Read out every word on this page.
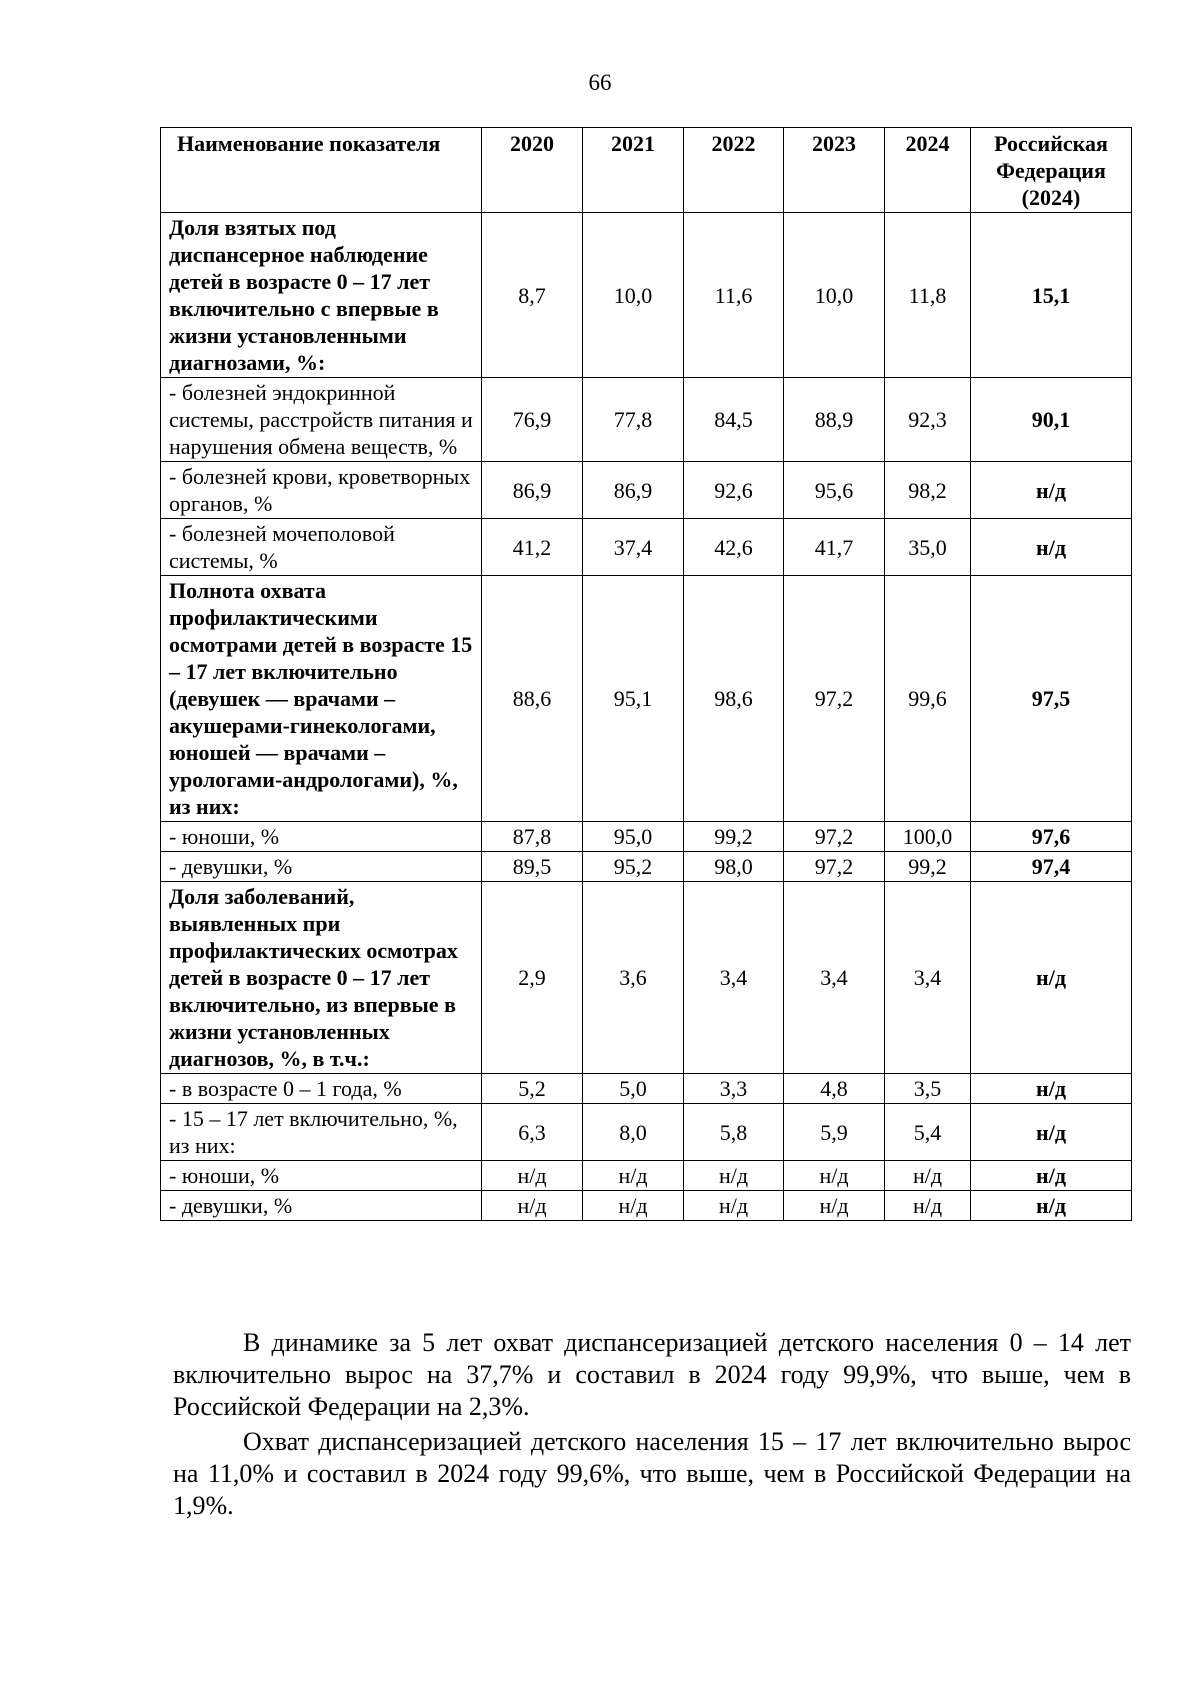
66
Наименование показателя	2020	2021	2022	2023	2024	Российская Федерация (2024)
Доля взятых под диспансерное наблюдение детей в возрасте 0 – 17 лет включительно с впервые в жизни установленными диагнозами, %:	8,7	10,0	11,6	10,0	11,8	15,1
- болезней эндокринной системы, расстройств питания и нарушения обмена веществ, %	76,9	77,8	84,5	88,9	92,3	90,1
- болезней крови, кроветворных органов, %	86,9	86,9	92,6	95,6	98,2	н/д
- болезней мочеполовой системы, %	41,2	37,4	42,6	41,7	35,0	н/д
Полнота охвата профилактическими осмотрами детей в возрасте 15 – 17 лет включительно (девушек — врачами – акушерами-гинекологами, юношей — врачами – урологами-андрологами), %, из них:	88,6	95,1	98,6	97,2	99,6	97,5
- юноши, %	87,8	95,0	99,2	97,2	100,0	97,6
- девушки, %	89,5	95,2	98,0	97,2	99,2	97,4
Доля заболеваний, выявленных при профилактических осмотрах детей в возрасте 0 – 17 лет включительно, из впервые в жизни установленных диагнозов, %, в т.ч.:	2,9	3,6	3,4	3,4	3,4	н/д
- в возрасте 0 – 1 года, %	5,2	5,0	3,3	4,8	3,5	н/д
- 15 – 17 лет включительно, %, из них:	6,3	8,0	5,8	5,9	5,4	н/д
- юноши, %	н/д	н/д	н/д	н/д	н/д	н/д
- девушки, %	н/д	н/д	н/д	н/д	н/д	н/д

В динамике за 5 лет охват диспансеризацией детского населения 0 – 14 лет включительно вырос на 37,7% и составил в 2024 году 99,9%, что выше, чем в Российской Федерации на 2,3%.

Охват диспансеризацией детского населения 15 – 17 лет включительно вырос на 11,0% и составил в 2024 году 99,6%, что выше, чем в Российской Федерации на 1,9%.
